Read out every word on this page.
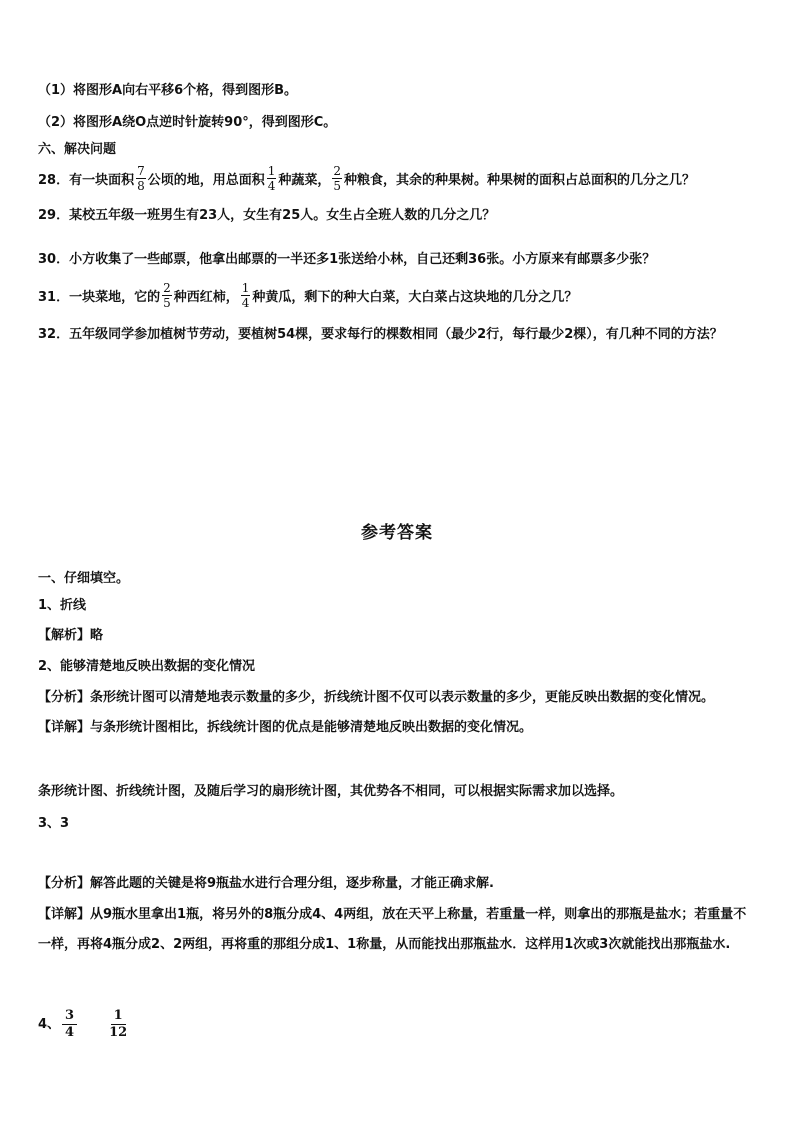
（1）将图形A向右平移6个格，得到图形B。
（2）将图形A绕O点逆时针旋转90°，得到图形C。
六、解决问题
28．有一块面积 $\frac{7}{8}$ 公顷的地，用总面积 $\frac{1}{4}$ 种蔬菜， $\frac{2}{5}$ 种粮食，其余的种果树。种果树的面积占总面积的几分之几？
29．某校五年级一班男生有23人，女生有25人。女生占全班人数的几分之几？
30．小方收集了一些邮票，他拿出邮票的一半还多1张送给小林，自己还剩36张。小方原来有邮票多少张？
31．一块菜地，它的 $\frac{2}{5}$ 种西红柿， $\frac{1}{4}$ 种黄瓜，剩下的种大白菜，大白菜占这块地的几分之几？
32．五年级同学参加植树节劳动，要植树54棵，要求每行的棵数相同（最少2行，每行最少2棵），有几种不同的方法？
参考答案
一、仔细填空。
1、折线
【解析】略
2、能够清楚地反映出数据的变化情况
【分析】条形统计图可以清楚地表示数量的多少，折线统计图不仅可以表示数量的多少，更能反映出数据的变化情况。
【详解】与条形统计图相比，拆线统计图的优点是能够清楚地反映出数据的变化情况。
条形统计图、折线统计图，及随后学习的扇形统计图，其优势各不相同，可以根据实际需求加以选择。
3、3
【分析】解答此题的关键是将9瓶盐水进行合理分组，逐步称量，才能正确求解.
【详解】从9瓶水里拿出1瓶，将另外的8瓶分成4、4两组，放在天平上称量，若重量一样，则拿出的那瓶是盐水；若重量不一样，再将4瓶分成2、2两组，再将重的那组分成1、1称量，从而能找出那瓶盐水．这样用1次或3次就能找出那瓶盐水.
4、 $\frac{3}{4} \frac{1}{12}$
